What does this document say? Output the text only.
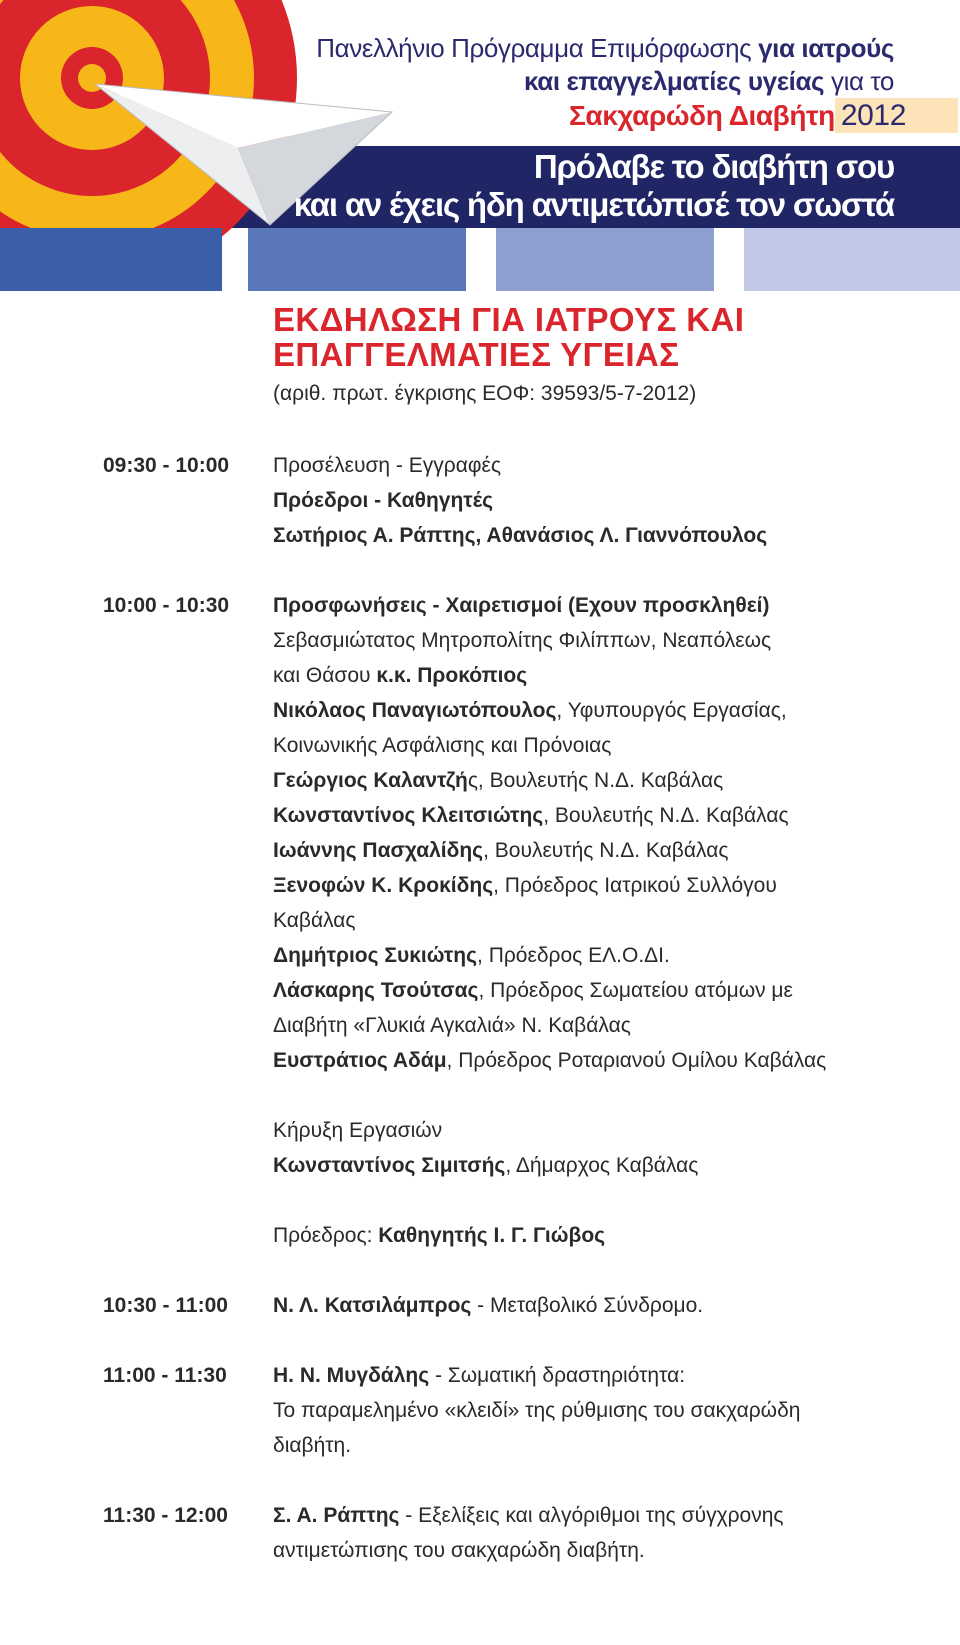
Πανελλήνιο Πρόγραμμα Επιμόρφωσης για ιατρούς
και επαγγελματίες υγείας για το
Σακχαρώδη Διαβήτη 2012
Πρόλαβε το διαβήτη σου
και αν έχεις ήδη αντιμετώπισέ τον σωστά
ΕΚΔΗΛΩΣΗ ΓΙΑ ΙΑΤΡΟΥΣ ΚΑΙ
ΕΠΑΓΓΕΛΜΑΤΙΕΣ ΥΓΕΙΑΣ
(αριθ. πρωτ. έγκρισης ΕΟΦ: 39593/5-7-2012)
09:30 - 10:00 Προσέλευση - Εγγραφές
Πρόεδροι - Καθηγητές
Σωτήριος Α. Ράπτης, Αθανάσιος Λ. Γιαννόπουλος
10:00 - 10:30 Προσφωνήσεις - Χαιρετισμοί (Εχουν προσκληθεί)
Σεβασμιώτατος Μητροπολίτης Φιλίππων, Νεαπόλεως
και Θάσου κ.κ. Προκόπιος
Νικόλαος Παναγιωτόπουλος, Υφυπουργός Εργασίας,
Κοινωνικής Ασφάλισης και Πρόνοιας
Γεώργιος Καλαντζής, Βουλευτής Ν.Δ. Καβάλας
Κωνσταντίνος Κλειτσιώτης, Βουλευτής Ν.Δ. Καβάλας
Ιωάννης Πασχαλίδης, Βουλευτής Ν.Δ. Καβάλας
Ξενοφών Κ. Κροκίδης, Πρόεδρος Ιατρικού Συλλόγου
Καβάλας
Δημήτριος Συκιώτης, Πρόεδρος ΕΛ.Ο.ΔΙ.
Λάσκαρης Τσούτσας, Πρόεδρος Σωματείου ατόμων με
Διαβήτη «Γλυκιά Αγκαλιά» Ν. Καβάλας
Ευστράτιος Αδάμ, Πρόεδρος Ροταριανού Ομίλου Καβάλας

Κήρυξη Εργασιών
Κωνσταντίνος Σιμιτσής, Δήμαρχος Καβάλας

Πρόεδρος: Καθηγητής Ι. Γ. Γιώβος
10:30 - 11:00 Ν. Λ. Κατσιλάμπρος - Μεταβολικό Σύνδρομο.
11:00 - 11:30 Η. Ν. Μυγδάλης - Σωματική δραστηριότητα:
Το παραμελημένο «κλειδί» της ρύθμισης του σακχαρώδη
διαβήτη.
11:30 - 12:00 Σ. Α. Ράπτης - Εξελίξεις και αλγόριθμοι της σύγχρονης
αντιμετώπισης του σακχαρώδη διαβήτη.
